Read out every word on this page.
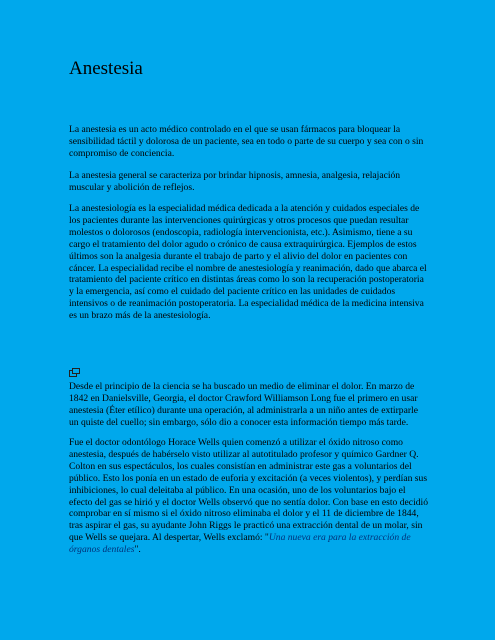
Anestesia

La anestesia es un acto médico controlado en el que se usan fármacos para bloquear la sensibilidad táctil y dolorosa de un paciente, sea en todo o parte de su cuerpo y sea con o sin compromiso de conciencia.

La anestesia general se caracteriza por brindar hipnosis, amnesia, analgesia, relajación muscular y abolición de reflejos.

La anestesiología es la especialidad médica dedicada a la atención y cuidados especiales de los pacientes durante las intervenciones quirúrgicas y otros procesos que puedan resultar molestos o dolorosos (endoscopia, radiología intervencionista, etc.). Asimismo, tiene a su cargo el tratamiento del dolor agudo o crónico de causa extraquirúrgica. Ejemplos de estos últimos son la analgesia durante el trabajo de parto y el alivio del dolor en pacientes con cáncer. La especialidad recibe el nombre de anestesiología y reanimación, dado que abarca el tratamiento del paciente crítico en distintas áreas como lo son la recuperación postoperatoria y la emergencia, así como el cuidado del paciente crítico en las unidades de cuidados intensivos o de reanimación postoperatoria. La especialidad médica de la medicina intensiva es un brazo más de la anestesiología.

Desde el principio de la ciencia se ha buscado un medio de eliminar el dolor. En marzo de 1842 en Danielsville, Georgia, el doctor Crawford Williamson Long fue el primero en usar anestesia (Éter etílico) durante una operación, al administrarla a un niño antes de extirparle un quiste del cuello; sin embargo, sólo dio a conocer esta información tiempo más tarde.

Fue el doctor odontólogo Horace Wells quien comenzó a utilizar el óxido nitroso como anestesia, después de habérselo visto utilizar al autotitulado profesor y químico Gardner Q. Colton en sus espectáculos, los cuales consistían en administrar este gas a voluntarios del público. Esto los ponía en un estado de euforia y excitación (a veces violentos), y perdían sus inhibiciones, lo cual deleitaba al público. En una ocasión, uno de los voluntarios bajo el efecto del gas se hirió y el doctor Wells observó que no sentía dolor. Con base en esto decidió comprobar en sí mismo si el óxido nitroso eliminaba el dolor y el 11 de diciembre de 1844, tras aspirar el gas, su ayudante John Riggs le practicó una extracción dental de un molar, sin que Wells se quejara. Al despertar, Wells exclamó: "Una nueva era para la extracción de órganos dentales".
